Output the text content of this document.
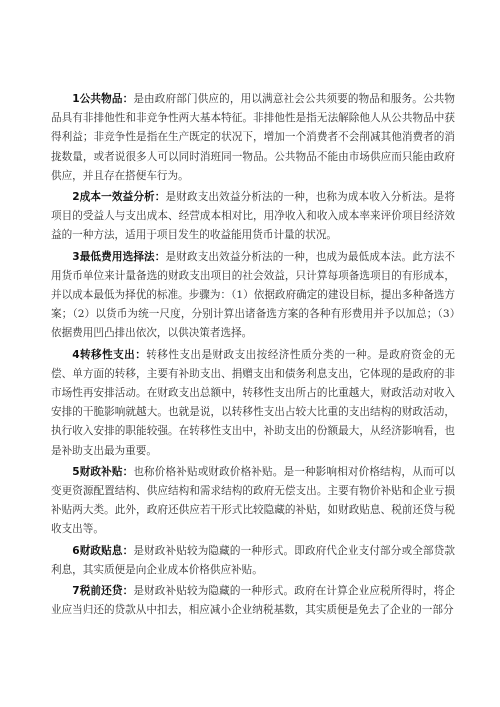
1公共物品：是由政府部门供应的，用以满意社会公共须要的物品和服务。公共物品具有非排他性和非竞争性两大基本特征。非排他性是指无法解除他人从公共物品中获得利益；非竞争性是指在生产既定的状况下，增加一个消费者不会削减其他消费者的消拢数量，或者说很多人可以同时消班同一物品。公共物品不能由市场供应而只能由政府供应，并且存在搭便车行为。

2成本一效益分析：是财政支出效益分析法的一种，也称为成本收入分析法。是将项目的受益人与支出成本、经营成本相对比，用净收入和收入成本率来评价项目经济效益的一种方法，适用于项目发生的收益能用货币计量的状况。

3最低费用选择法：是财政支出效益分析法的一种，也成为最低成本法。此方法不用货币单位来计量备选的财政支出项目的社会效益，只计算每项备选项目的有形成本，并以成本最低为择优的标准。步骤为：（1）依据政府确定的建设目标，提出多种备选方案；（2）以货币为统一尺度，分别计算出诸备选方案的各种有形费用并予以加总；（3）依据费用凹凸排出依次，以供决策者选择。

4转移性支出：转移性支出是财政支出按经济性质分类的一种。是政府资金的无偿、单方面的转移，主要有补助支出、捐赠支出和债务利息支出，它体现的是政府的非市场性再安排活动。在财政支出总额中，转移性支出所占的比重越大，财政活动对收入安排的干脆影响就越大。也就是说，以转移性支出占较大比重的支出结构的财政活动，执行收入安排的职能较强。在转移性支出中，补助支出的份额最大，从经济影响看，也是补助支出最为重要。

5财政补贴：也称价格补贴或财政价格补贴。是一种影响相对价格结构，从而可以变更资源配置结构、供应结构和需求结构的政府无偿支出。主要有物价补贴和企业亏损补贴两大类。此外，政府还供应若干形式比较隐藏的补贴，如财政贴息、税前还贷与税收支出等。

6财政贴息：是财政补贴较为隐藏的一种形式。即政府代企业支付部分或全部贷款利息，其实质便是向企业成本价格供应补贴。

7税前还贷：是财政补贴较为隐藏的一种形式。政府在计算企业应税所得时，将企业应当归还的贷款从中扣去，相应减小企业纳税基数，其实质便是免去了企业的一部分
